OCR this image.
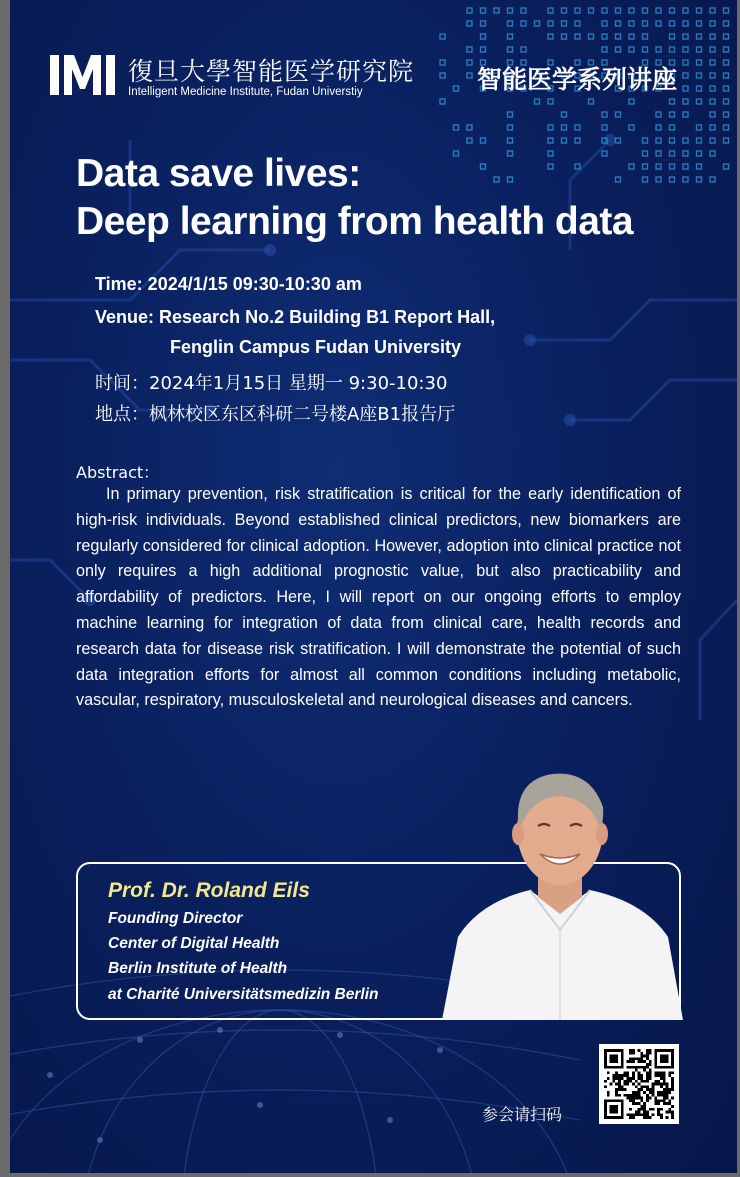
復旦大學智能医学研究院
Intelligent Medicine Institute, Fudan Universtiy	智能医学系列讲座
Data save lives:
Deep learning from health data
Time: 2024/1/15 09:30-10:30 am
Venue: Research No.2 Building B1 Report Hall,
Fenglin Campus Fudan University
时间：2024年1月15日 星期一 9:30-10:30
地点：枫林校区东区科研二号楼A座B1报告厅
Abstract：

In primary prevention, risk stratification is critical for the early identification of high-risk individuals. Beyond established clinical predictors, new biomarkers are regularly considered for clinical adoption. However, adoption into clinical practice not only requires a high additional prognostic value, but also practicability and affordability of predictors. Here, I will report on our ongoing efforts to employ machine learning for integration of data from clinical care, health records and research data for disease risk stratification. I will demonstrate the potential of such data integration efforts for almost all common conditions including metabolic, vascular, respiratory, musculoskeletal and neurological diseases and cancers.

Prof. Dr. Roland Eils
Founding Director
Center of Digital Health
Berlin Institute of Health
at Charité Universitätsmedizin Berlin
参会请扫码
